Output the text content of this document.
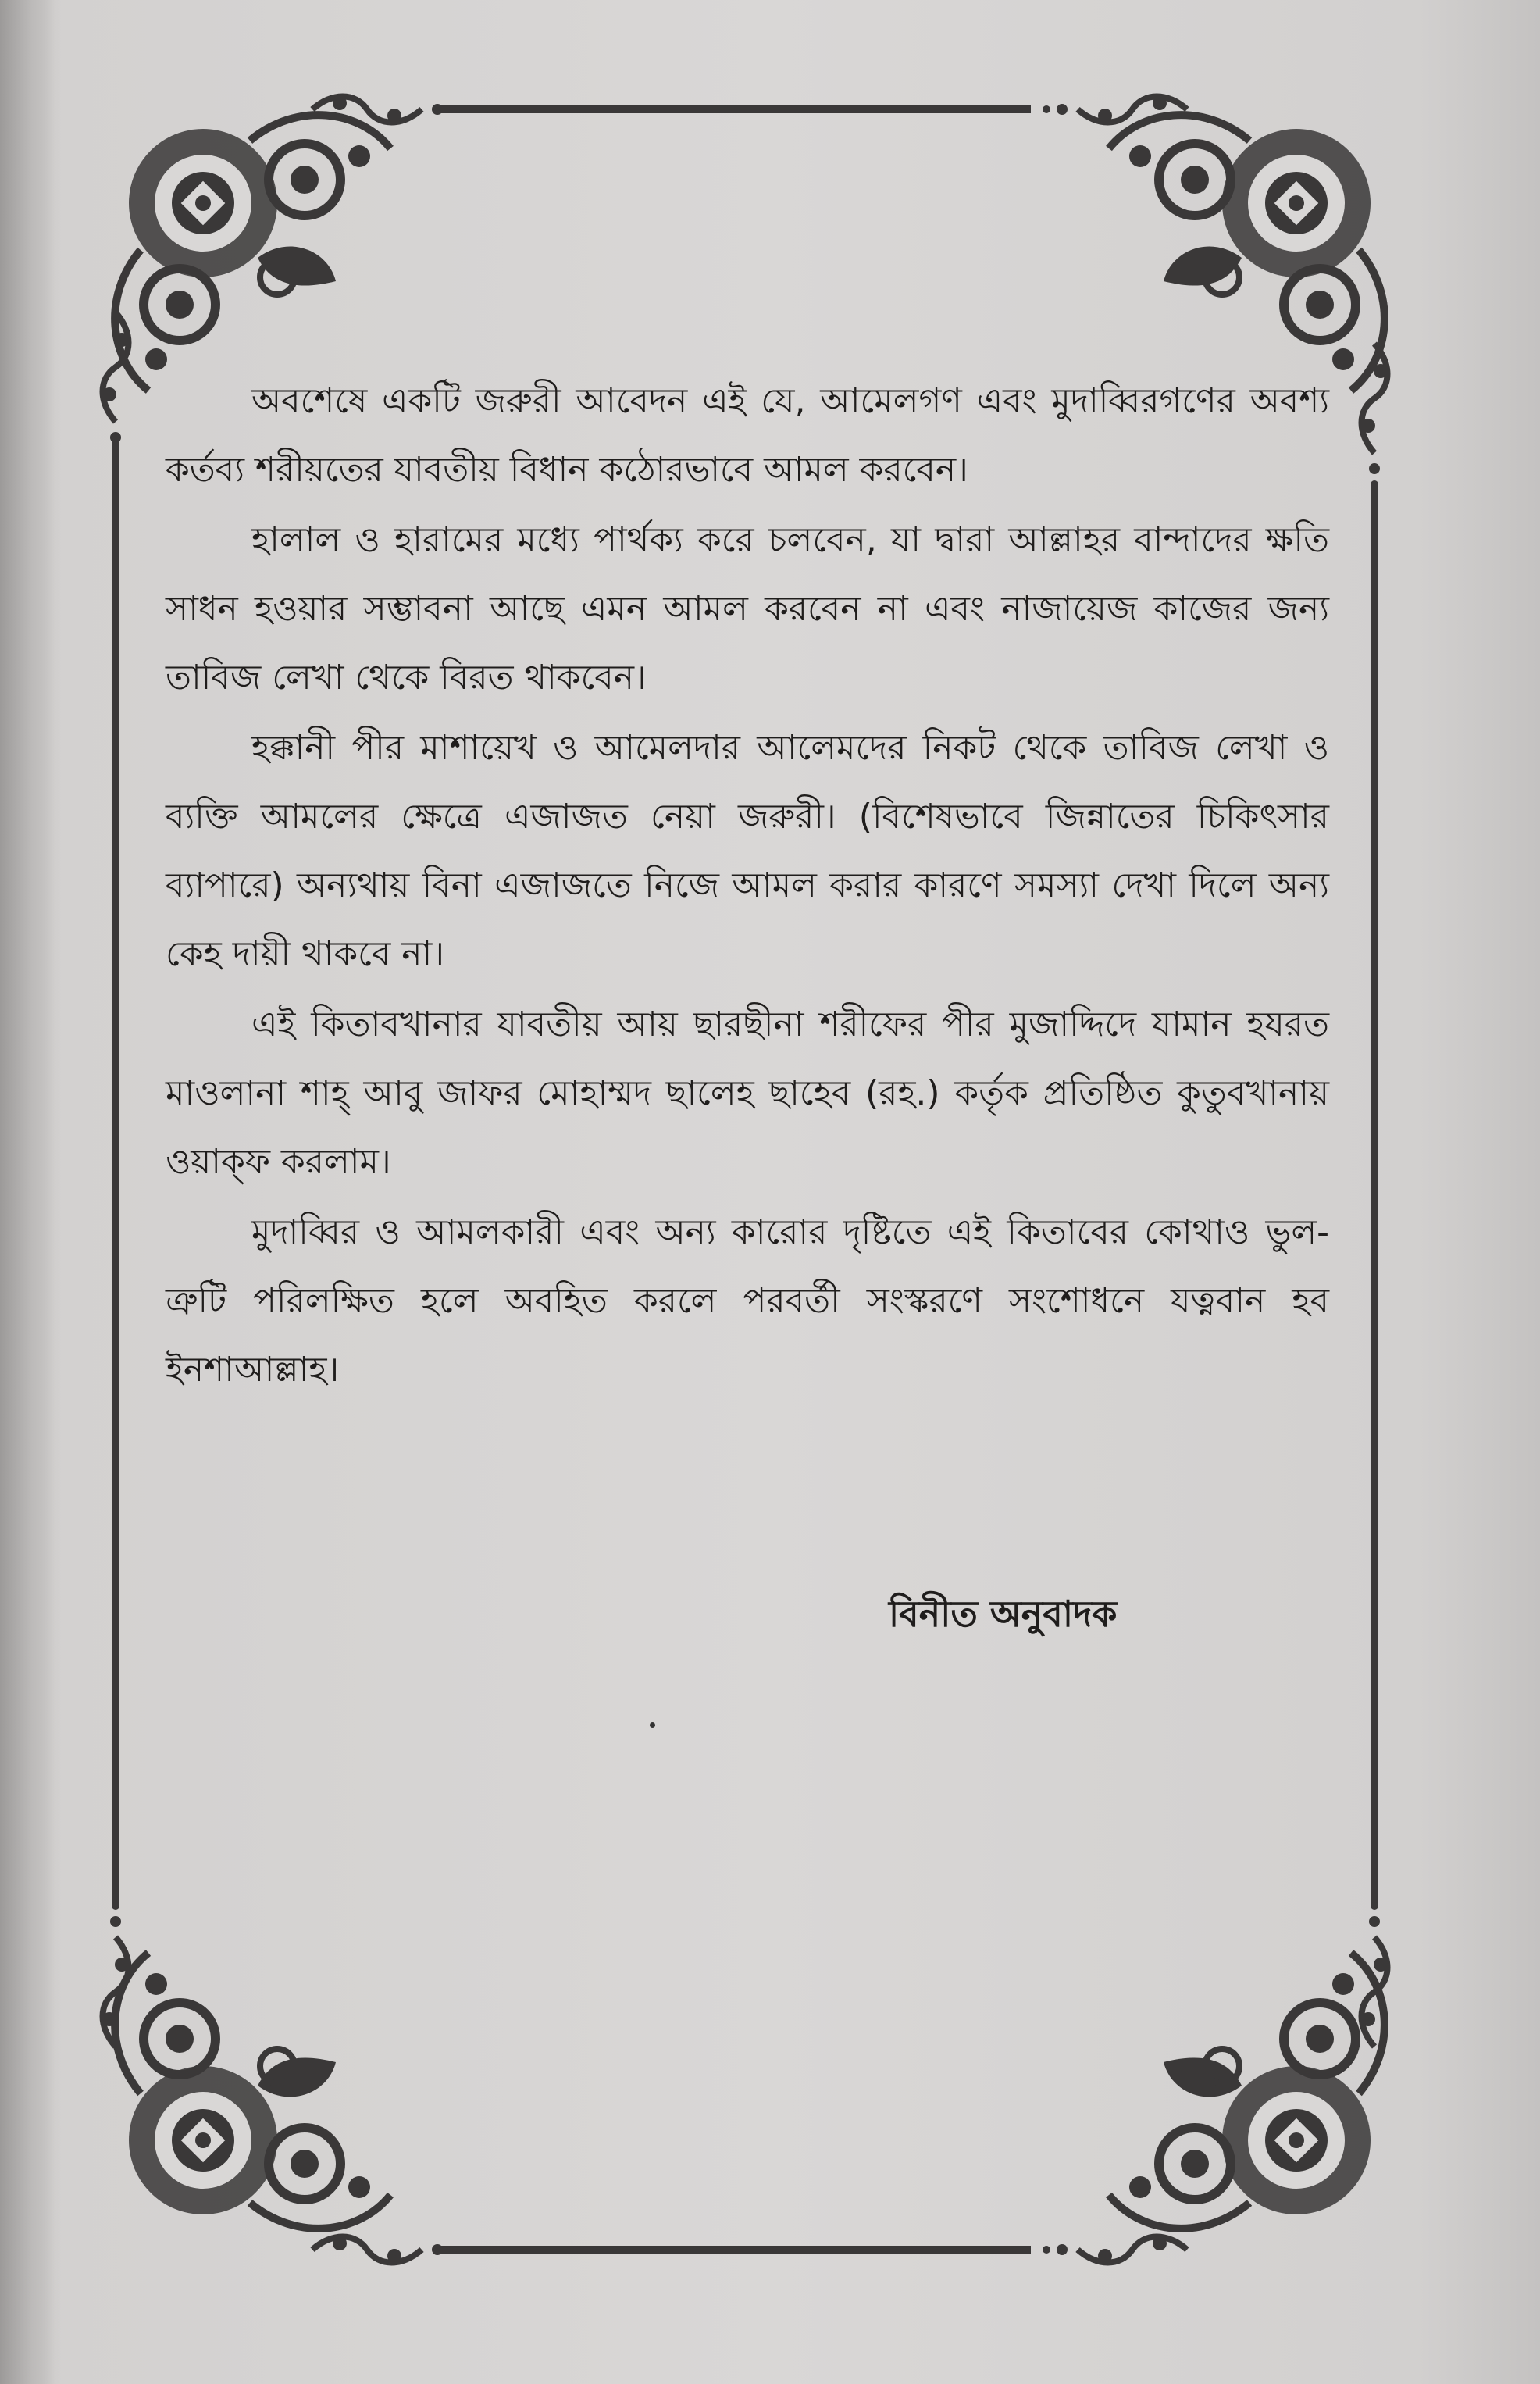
অবশেষে একটি জরুরী আবেদন এই যে, আমেলগণ এবং মুদাব্বিরগণের অবশ্য কর্তব্য শরীয়তের যাবতীয় বিধান কঠোরভাবে আমল করবেন।

হালাল ও হারামের মধ্যে পার্থক্য করে চলবেন, যা দ্বারা আল্লাহর বান্দাদের ক্ষতি সাধন হওয়ার সম্ভাবনা আছে এমন আমল করবেন না এবং নাজায়েজ কাজের জন্য তাবিজ লেখা থেকে বিরত থাকবেন।

হক্কানী পীর মাশায়েখ ও আমেলদার আলেমদের নিকট থেকে তাবিজ লেখা ও ব্যক্তি আমলের ক্ষেত্রে এজাজত নেয়া জরুরী। (বিশেষভাবে জিন্নাতের চিকিৎসার ব্যাপারে) অন্যথায় বিনা এজাজতে নিজে আমল করার কারণে সমস্যা দেখা দিলে অন্য কেহ দায়ী থাকবে না।

এই কিতাবখানার যাবতীয় আয় ছারছীনা শরীফের পীর মুজাদ্দিদে যামান হযরত মাওলানা শাহ্ আবু জাফর মোহাম্মদ ছালেহ ছাহেব (রহ.) কর্তৃক প্রতিষ্ঠিত কুতুবখানায় ওয়াক্ফ করলাম।

মুদাব্বির ও আমলকারী এবং অন্য কারোর দৃষ্টিতে এই কিতাবের কোথাও ভুল-ত্রুটি পরিলক্ষিত হলে অবহিত করলে পরবর্তী সংস্করণে সংশোধনে যত্নবান হব ইনশাআল্লাহ।

বিনীত অনুবাদক
